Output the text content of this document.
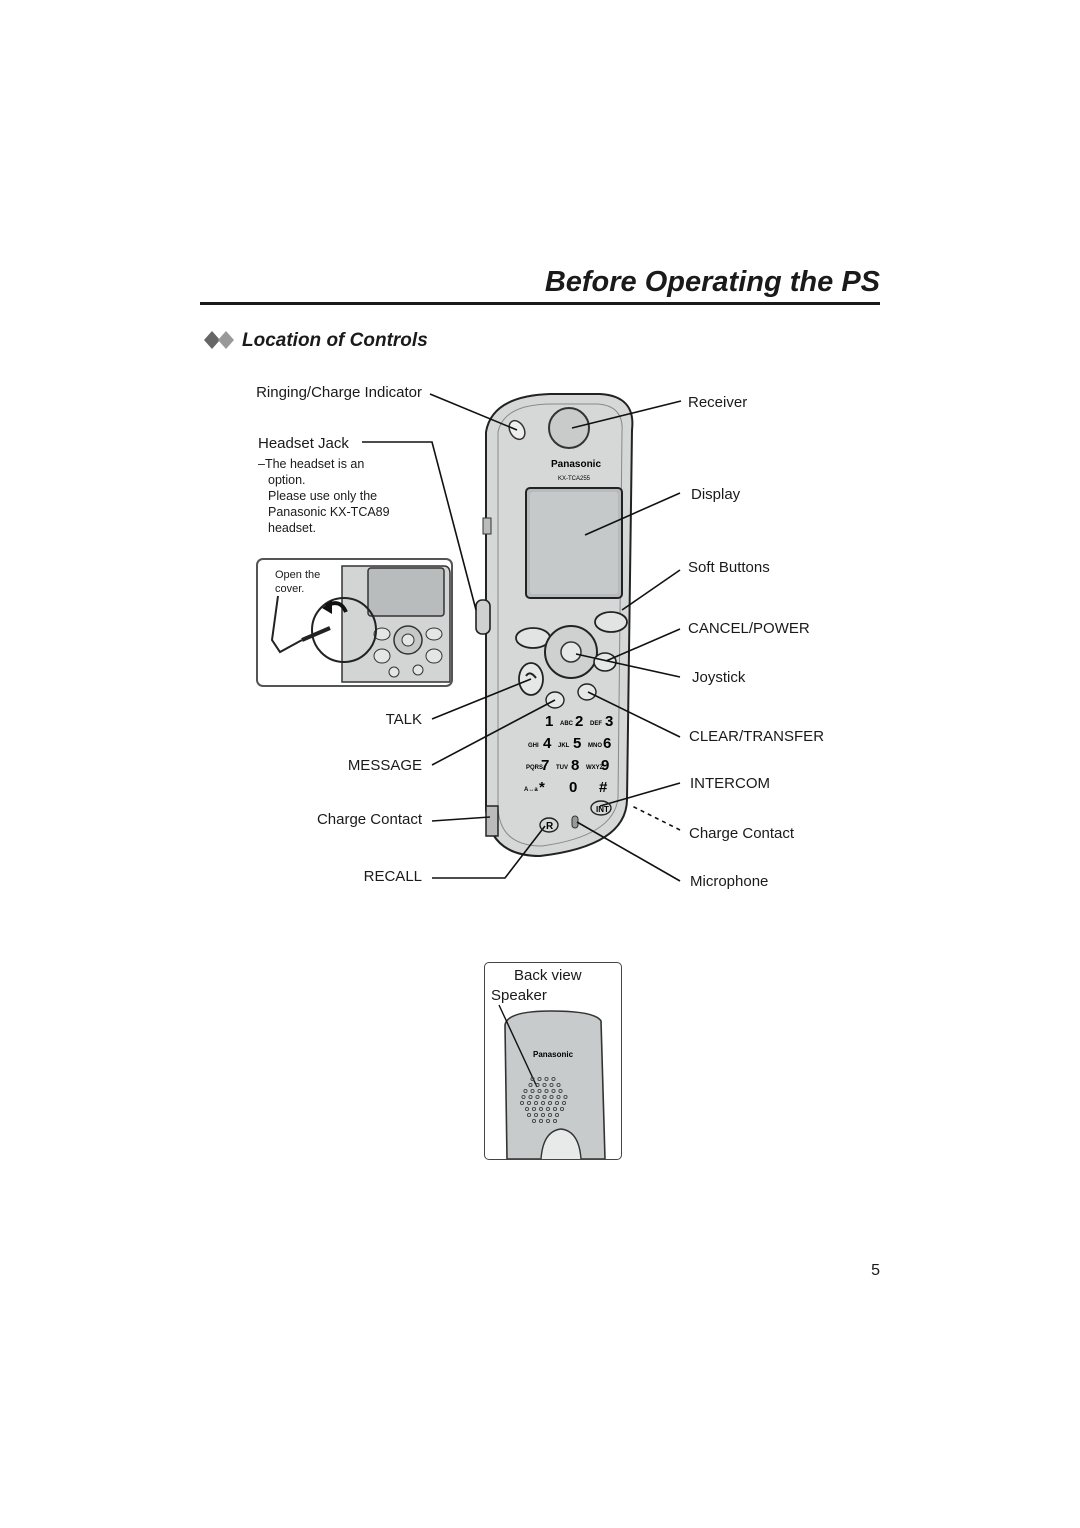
Before Operating the PS
Location of Controls
1 2
ABC 3
DEF
4
GHI 5
JKL 6
MNO
7
PQRS 8
TUV 9
WXYZ
*
A↔a 0 #
INT
R
Panasonic
KX-TCA255
Ringing/Charge Indicator
Headset Jack
–The headset is an
option.
Please use only the
Panasonic KX-TCA89
headset.
Open the
cover.
TALK
MESSAGE
Charge Contact
RECALL
Receiver
Display
Soft Buttons
CANCEL/POWER
Joystick
CLEAR/TRANSFER
INTERCOM
Charge Contact
Microphone
Back view
Speaker
Panasonic
5
